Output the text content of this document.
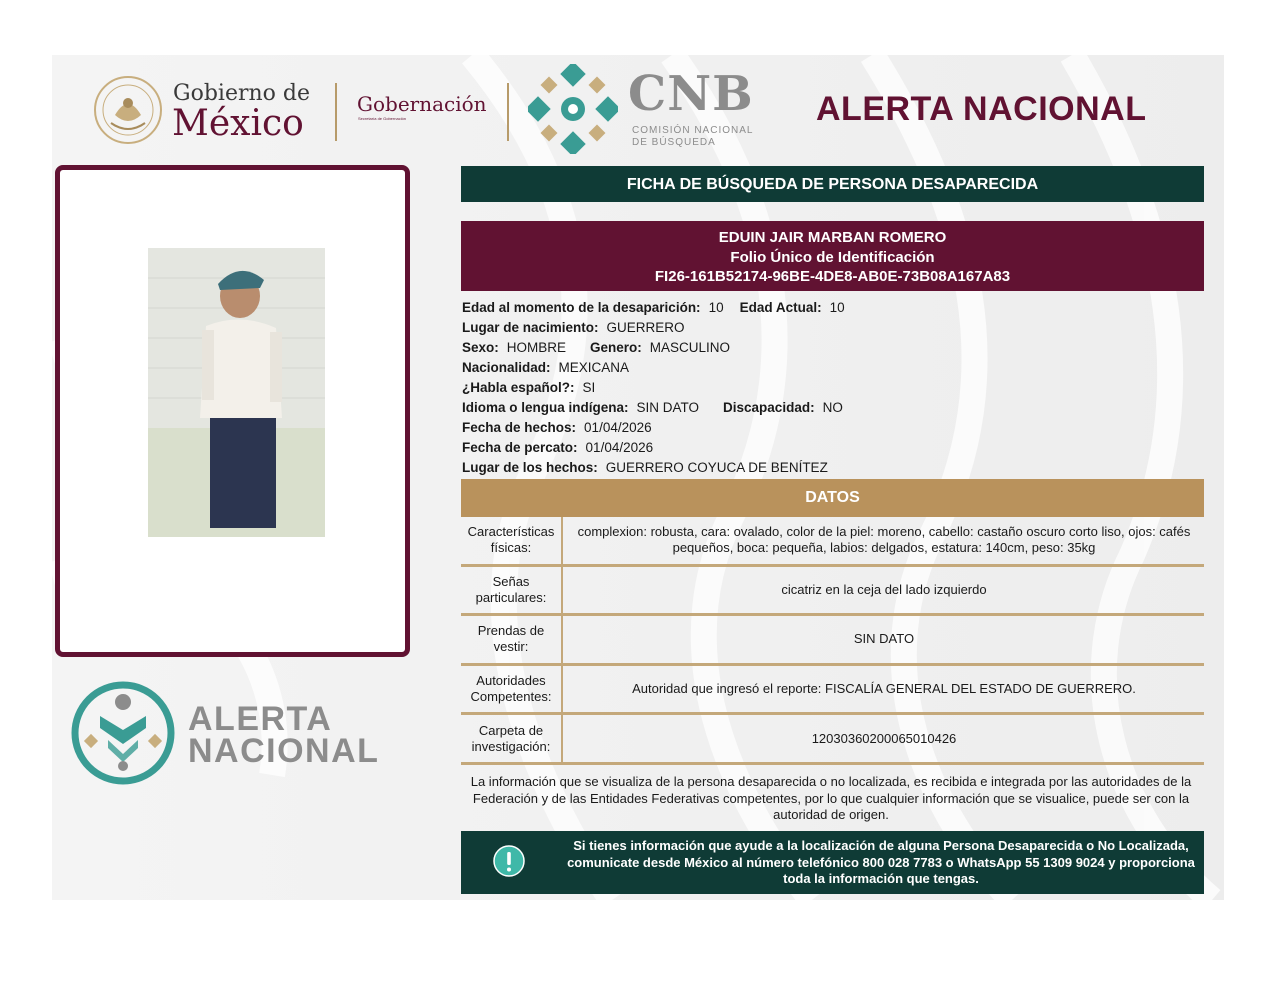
Gobierno de
México	Gobernación
Secretaría de Gobernación	CNB
COMISIÓN NACIONAL
DE BÚSQUEDA
ALERTA NACIONAL
ALERTA
NACIONAL
FICHA DE BÚSQUEDA DE PERSONA DESAPARECIDA
EDUIN JAIR MARBAN ROMERO
Folio Único de Identificación
FI26-161B52174-96BE-4DE8-AB0E-73B08A167A83
Edad al momento de la desaparición: 10 Edad Actual: 10
Lugar de nacimiento: GUERRERO
Sexo: HOMBRE Genero: MASCULINO
Nacionalidad: MEXICANA
¿Habla español?: SI
Idioma o lengua indígena: SIN DATO Discapacidad: NO
Fecha de hechos: 01/04/2026
Fecha de percato: 01/04/2026
Lugar de los hechos: GUERRERO COYUCA DE BENÍTEZ
DATOS
Características físicas:
complexion: robusta, cara: ovalado, color de la piel: moreno, cabello: castaño oscuro corto liso, ojos: cafés pequeños, boca: pequeña, labios: delgados, estatura: 140cm, peso: 35kg
Señas particulares:
cicatriz en la ceja del lado izquierdo
Prendas de vestir:
SIN DATO
Autoridades Competentes:
Autoridad que ingresó el reporte: FISCALÍA GENERAL DEL ESTADO DE GUERRERO.
Carpeta de investigación:
12030360200065010426
La información que se visualiza de la persona desaparecida o no localizada, es recibida e integrada por las autoridades de la Federación y de las Entidades Federativas competentes, por lo que cualquier información que se visualice, puede ser con la autoridad de origen.
Si tienes información que ayude a la localización de alguna Persona Desaparecida o No Localizada, comunicate desde México al número telefónico 800 028 7783 o WhatsApp 55 1309 9024 y proporciona toda la información que tengas.
